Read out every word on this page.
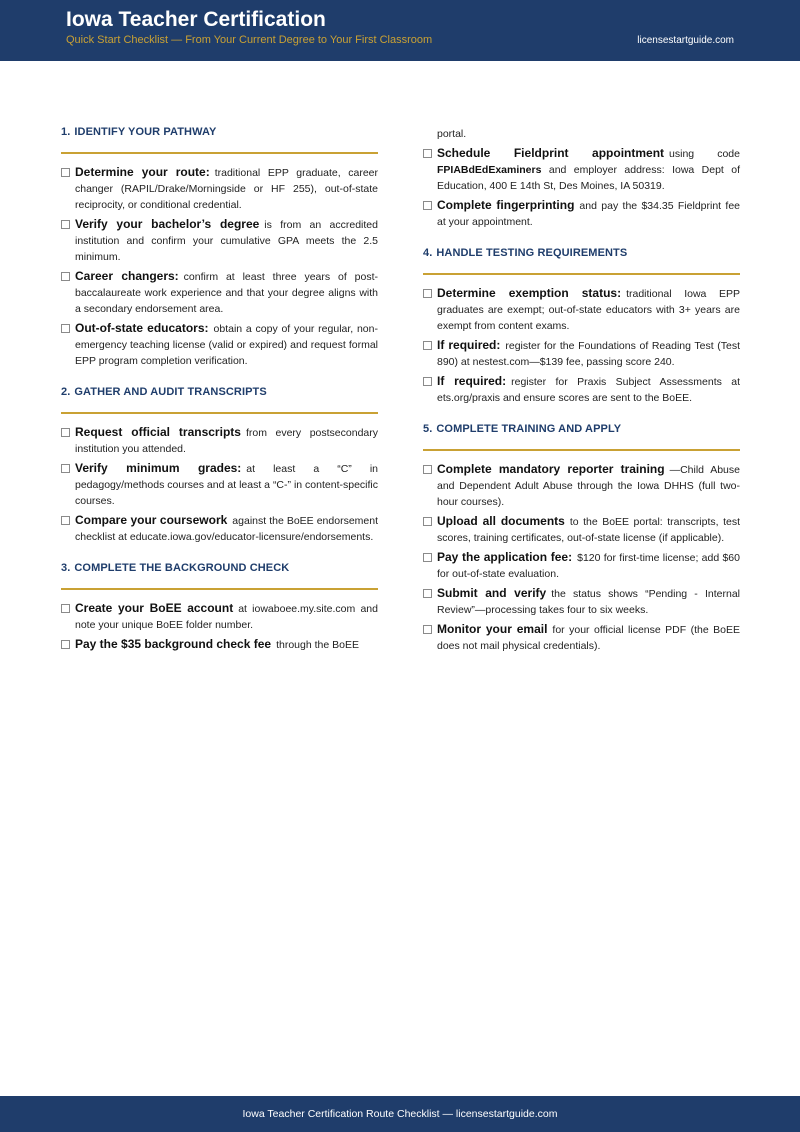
Iowa Teacher Certification
Quick Start Checklist — From Your Current Degree to Your First Classroom	licensestartguide.com
1. IDENTIFY YOUR PATHWAY
Determine your route: traditional EPP graduate, career changer (RAPIL/Drake/Morningside or HF 255), out-of-state reciprocity, or conditional credential.
Verify your bachelor’s degree is from an accredited institution and confirm your cumulative GPA meets the 2.5 minimum.
Career changers: confirm at least three years of post-baccalaureate work experience and that your degree aligns with a secondary endorsement area.
Out-of-state educators: obtain a copy of your regular, non-emergency teaching license (valid or expired) and request formal EPP program completion verification.
2. GATHER AND AUDIT TRANSCRIPTS
Request official transcripts from every postsecondary institution you attended.
Verify minimum grades: at least a “C” in pedagogy/methods courses and at least a “C-” in content-specific courses.
Compare your coursework against the BoEE endorsement checklist at educate.iowa.gov/educator-licensure/endorsements.
3. COMPLETE THE BACKGROUND CHECK
Create your BoEE account at iowaboee.my.site.com and note your unique BoEE folder number.
Pay the $35 background check fee through the BoEE
portal.
Schedule Fieldprint appointment using code FPIABdEdExaminers and employer address: Iowa Dept of Education, 400 E 14th St, Des Moines, IA 50319.
Complete fingerprinting and pay the $34.35 Fieldprint fee at your appointment.
4. HANDLE TESTING REQUIREMENTS
Determine exemption status: traditional Iowa EPP graduates are exempt; out-of-state educators with 3+ years are exempt from content exams.
If required: register for the Foundations of Reading Test (Test 890) at nestest.com—$139 fee, passing score 240.
If required: register for Praxis Subject Assessments at ets.org/praxis and ensure scores are sent to the BoEE.
5. COMPLETE TRAINING AND APPLY
Complete mandatory reporter training —Child Abuse and Dependent Adult Abuse through the Iowa DHHS (full two-hour courses).
Upload all documents to the BoEE portal: transcripts, test scores, training certificates, out-of-state license (if applicable).
Pay the application fee: $120 for first-time license; add $60 for out-of-state evaluation.
Submit and verify the status shows “Pending - Internal Review”—processing takes four to six weeks.
Monitor your email for your official license PDF (the BoEE does not mail physical credentials).
Iowa Teacher Certification Route Checklist — licensestartguide.com
